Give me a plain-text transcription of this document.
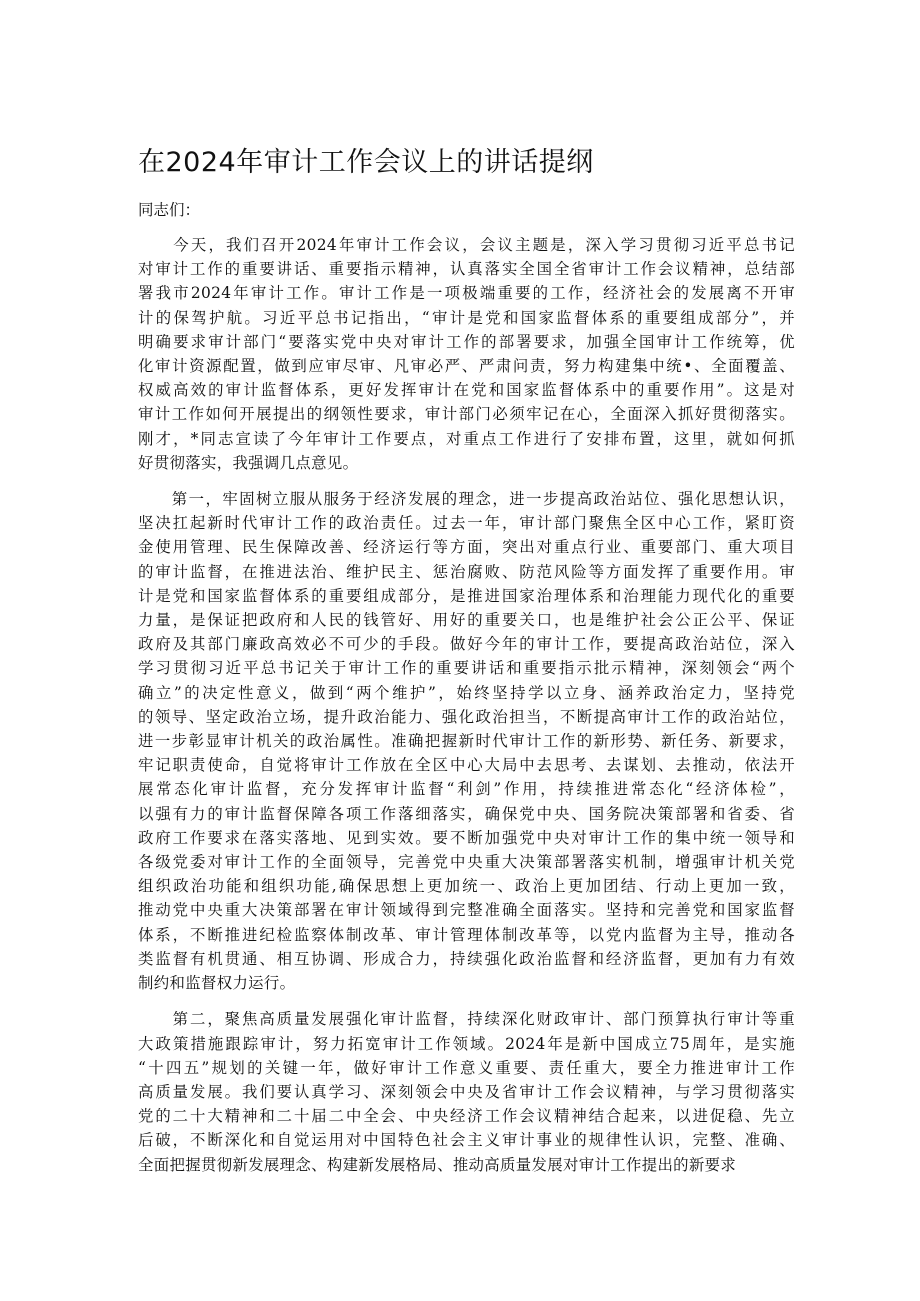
在2024年审计工作会议上的讲话提纲
同志们：
　　今天，我们召开2024年审计工作会议，会议主题是，深入学习贯彻习近平总书记
对审计工作的重要讲话、重要指示精神，认真落实全国全省审计工作会议精神，总结部
署我市2024年审计工作。审计工作是一项极端重要的工作，经济社会的发展离不开审
计的保驾护航。习近平总书记指出，“审计是党和国家监督体系的重要组成部分”，并
明确要求审计部门“要落实党中央对审计工作的部署要求，加强全国审计工作统筹，优
化审计资源配置，做到应审尽审、凡审必严、严肃问责，努力构建集中统•、全面覆盖、
权威高效的审计监督体系，更好发挥审计在党和国家监督体系中的重要作用”。这是对
审计工作如何开展提出的纲领性要求，审计部门必须牢记在心，全面深入抓好贯彻落实。
刚才，*同志宣读了今年审计工作要点，对重点工作进行了安排布置，这里，就如何抓
好贯彻落实，我强调几点意见。
　　第一，牢固树立服从服务于经济发展的理念，进一步提高政治站位、强化思想认识，
坚决扛起新时代审计工作的政治责任。过去一年，审计部门聚焦全区中心工作，紧盯资
金使用管理、民生保障改善、经济运行等方面，突出对重点行业、重要部门、重大项目
的审计监督，在推进法治、维护民主、惩治腐败、防范风险等方面发挥了重要作用。审
计是党和国家监督体系的重要组成部分，是推进国家治理体系和治理能力现代化的重要
力量，是保证把政府和人民的钱管好、用好的重要关口，也是维护社会公正公平、保证
政府及其部门廉政高效必不可少的手段。做好今年的审计工作，要提高政治站位，深入
学习贯彻习近平总书记关于审计工作的重要讲话和重要指示批示精神，深刻领会“两个
确立”的决定性意义，做到“两个维护”，始终坚持学以立身、涵养政治定力，坚持党
的领导、坚定政治立场，提升政治能力、强化政治担当，不断提高审计工作的政治站位，
进一步彰显审计机关的政治属性。准确把握新时代审计工作的新形势、新任务、新要求，
牢记职责使命，自觉将审计工作放在全区中心大局中去思考、去谋划、去推动，依法开
展常态化审计监督，充分发挥审计监督“利剑”作用，持续推进常态化“经济体检”，
以强有力的审计监督保障各项工作落细落实，确保党中央、国务院决策部署和省委、省
政府工作要求在落实落地、见到实效。要不断加强党中央对审计工作的集中统一领导和
各级党委对审计工作的全面领导，完善党中央重大决策部署落实机制，增强审计机关党
组织政治功能和组织功能,确保思想上更加统一、政治上更加团结、行动上更加一致，
推动党中央重大决策部署在审计领域得到完整准确全面落实。坚持和完善党和国家监督
体系，不断推进纪检监察体制改革、审计管理体制改革等，以党内监督为主导，推动各
类监督有机贯通、相互协调、形成合力，持续强化政治监督和经济监督，更加有力有效
制约和监督权力运行。
　　第二，聚焦高质量发展强化审计监督，持续深化财政审计、部门预算执行审计等重
大政策措施跟踪审计，努力拓宽审计工作领域。2024年是新中国成立75周年，是实施
“十四五”规划的关键一年，做好审计工作意义重要、责任重大，要全力推进审计工作
高质量发展。我们要认真学习、深刻领会中央及省审计工作会议精神，与学习贯彻落实
党的二十大精神和二十届二中全会、中央经济工作会议精神结合起来，以进促稳、先立
后破，不断深化和自觉运用对中国特色社会主义审计事业的规律性认识，完整、准确、
全面把握贯彻新发展理念、构建新发展格局、推动高质量发展对审计工作提出的新要求
